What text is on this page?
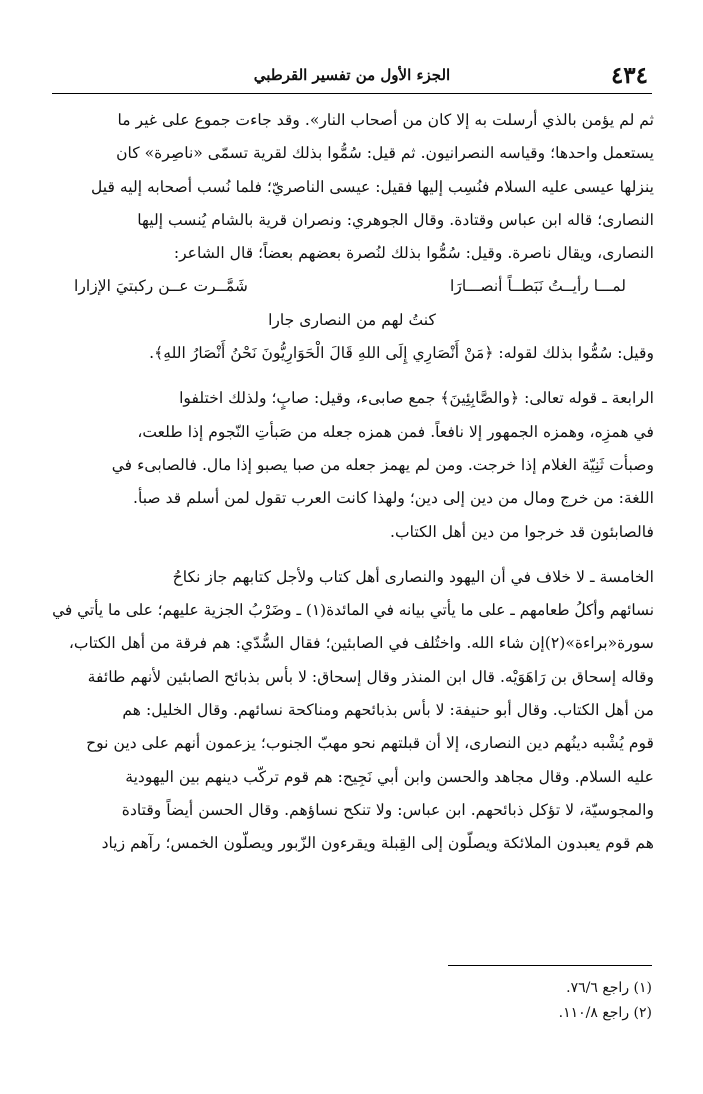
٤٣٤
الجزء الأول من تفسير القرطبي
ثم لم يؤمن بالذي أرسلت به إلا كان من أصحاب النار». وقد جاءت جموع على غير ما
يستعمل واحدها؛ وقياسه النصرانيون. ثم قيل: سُمُّوا بذلك لقرية تسمّى «ناصِرة» كان
ينزلها عيسى عليه السلام فنُسِب إليها فقيل: عيسى الناصريّ؛ فلما نُسب أصحابه إليه قيل
النصارى؛ قاله ابن عباس وقتادة. وقال الجوهري: ونصران قرية بالشام يُنسب إليها
النصارى، ويقال ناصرة. وقيل: سُمُّوا بذلك لنُصرة بعضهم بعضاً؛ قال الشاعر:
لمـــا رأيــتُ نَبَطــاً أنصـــارَا
شَمَّــرت عــن ركبتيَ الإزارا
كنتُ لهم من النصارى جارا
وقيل: سُمُّوا بذلك لقوله: ﴿مَنْ أَنْصَارِي إِلَى اللهِ قَالَ الْحَوَارِيُّونَ نَحْنُ أَنْصَارُ اللهِ﴾.
الرابعة ـ قوله تعالى: ﴿والصَّابِئِينَ﴾ جمع صابىء، وقيل: صابٍ؛ ولذلك اختلفوا
في همزِه، وهمزه الجمهور إلا نافعاً. فمن همزه جعله من صَبأتِ النّجوم إذا طلعت،
وصبأت ثَنِيّة الغلام إذا خرجت. ومن لم يهمز جعله من صبا يصبو إذا مال. فالصابىء في
اللغة: من خرج ومال من دين إلى دين؛ ولهذا كانت العرب تقول لمن أسلم قد صبأ.
فالصابئون قد خرجوا من دين أهل الكتاب.
الخامسة ـ لا خلاف في أن اليهود والنصارى أهل كتاب ولأجل كتابهم جاز نكاحُ
نسائهم وأكلُ طعامهم ـ على ما يأتي بيانه في المائدة(١) ـ وضَرْبُ الجزية عليهم؛ على ما يأتي في
سورة«براءة»(٢)إن شاء الله. واختُلف في الصابئين؛ فقال السُّدّي: هم فرقة من أهل الكتاب،
وقاله إسحاق بن رَاهَوَيْه. قال ابن المنذر وقال إسحاق: لا بأس بذبائح الصابئين لأنهم طائفة
من أهل الكتاب. وقال أبو حنيفة: لا بأس بذبائحهم ومناكحة نسائهم. وقال الخليل: هم
قوم يُشْبه دينُهم دين النصارى، إلا أن قبلتهم نحو مهبّ الجنوب؛ يزعمون أنهم على دين نوح
عليه السلام. وقال مجاهد والحسن وابن أبي نَجِيح: هم قوم تركّب دينهم بين اليهودية
والمجوسيّة، لا تؤكل ذبائحهم. ابن عباس: ولا تنكح نساؤهم. وقال الحسن أيضاً وقتادة
هم قوم يعبدون الملائكة ويصلّون إلى القِبلة ويقرءون الزّبور ويصلّون الخمس؛ رآهم زياد
(١) راجع ٧٦/٦.
(٢) راجع ١١٠/٨.
